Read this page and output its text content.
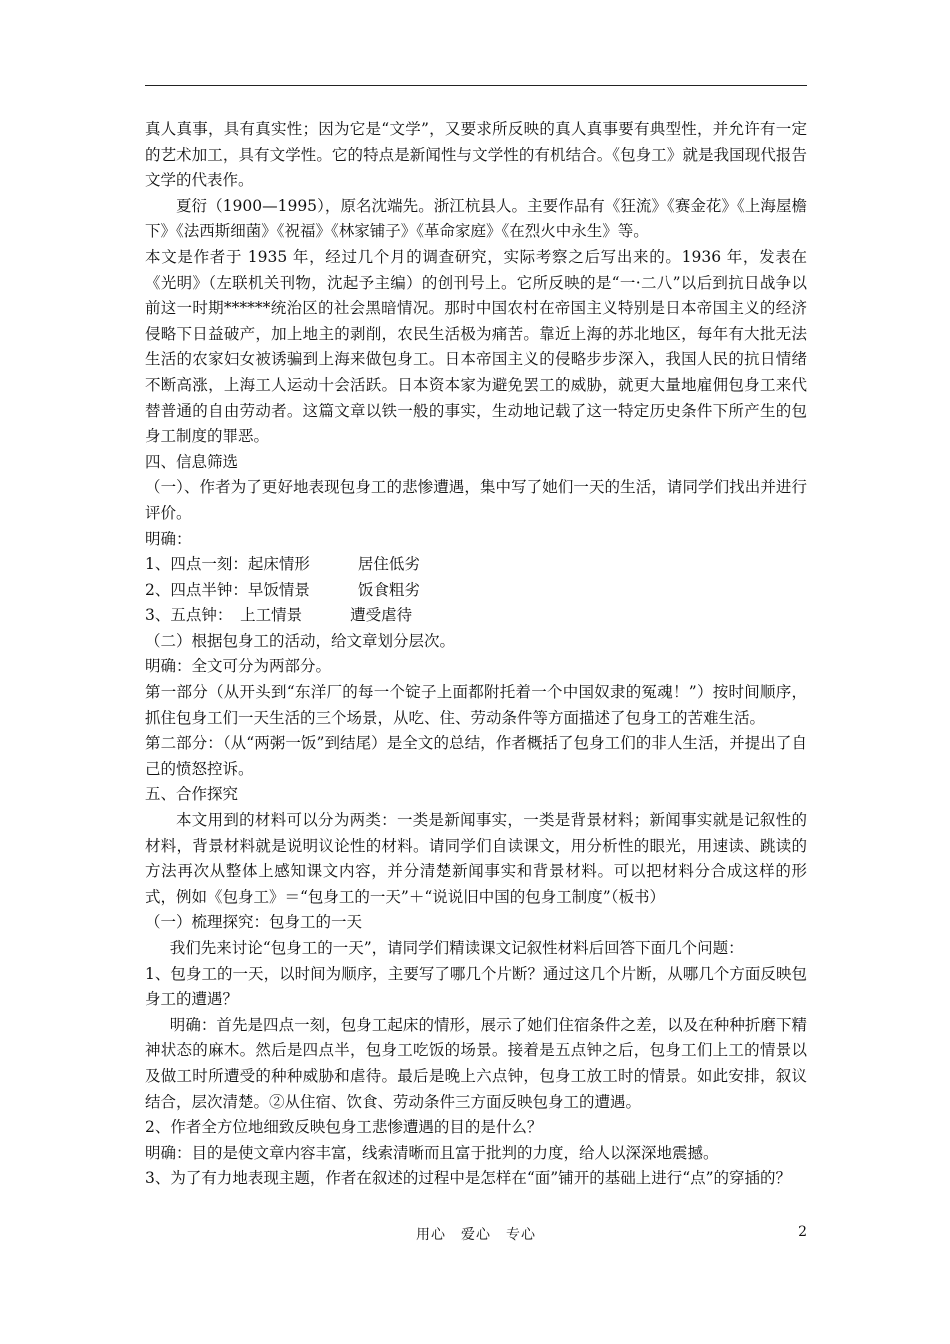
真人真事，具有真实性；因为它是“文学”，又要求所反映的真人真事要有典型性，并允许有一定的艺术加工，具有文学性。它的特点是新闻性与文学性的有机结合。《包身工》就是我国现代报告文学的代表作。

夏衍（1900—1995），原名沈端先。浙江杭县人。主要作品有《狂流》《赛金花》《上海屋檐下》《法西斯细菌》《祝福》《林家铺子》《革命家庭》《在烈火中永生》等。

本文是作者于 1935 年，经过几个月的调查研究，实际考察之后写出来的。1936 年，发表在《光明》（左联机关刊物，沈起予主编）的创刊号上。它所反映的是“一·二八”以后到抗日战争以前这一时期******统治区的社会黑暗情况。那时中国农村在帝国主义特别是日本帝国主义的经济侵略下日益破产，加上地主的剥削，农民生活极为痛苦。靠近上海的苏北地区，每年有大批无法生活的农家妇女被诱骗到上海来做包身工。日本帝国主义的侵略步步深入，我国人民的抗日情绪不断高涨，上海工人运动十会活跃。日本资本家为避免罢工的威胁，就更大量地雇佣包身工来代替普通的自由劳动者。这篇文章以铁一般的事实，生动地记载了这一特定历史条件下所产生的包身工制度的罪恶。

四、信息筛选

（一）、作者为了更好地表现包身工的悲惨遭遇，集中写了她们一天的生活，请同学们找出并进行评价。

明确：

1、四点一刻：起床情形	居住低劣

2、四点半钟：早饭情景	饭食粗劣

3、五点钟：　上工情景	遭受虐待

（二）根据包身工的活动，给文章划分层次。

明确：全文可分为两部分。

第一部分（从开头到“东洋厂的每一个锭子上面都附托着一个中国奴隶的冤魂！”）按时间顺序，抓住包身工们一天生活的三个场景，从吃、住、劳动条件等方面描述了包身工的苦难生活。

第二部分：（从“两粥一饭”到结尾）是全文的总结，作者概括了包身工们的非人生活，并提出了自己的愤怒控诉。

五、合作探究

本文用到的材料可以分为两类：一类是新闻事实，一类是背景材料；新闻事实就是记叙性的材料，背景材料就是说明议论性的材料。请同学们自读课文，用分析性的眼光，用速读、跳读的方法再次从整体上感知课文内容，并分清楚新闻事实和背景材料。可以把材料分合成这样的形式，例如《包身工》＝“包身工的一天”＋“说说旧中国的包身工制度”（板书）

（一）梳理探究：包身工的一天

我们先来讨论“包身工的一天”，请同学们精读课文记叙性材料后回答下面几个问题：

1、包身工的一天，以时间为顺序，主要写了哪几个片断？通过这几个片断，从哪几个方面反映包身工的遭遇？

明确：首先是四点一刻，包身工起床的情形，展示了她们住宿条件之差，以及在种种折磨下精神状态的麻木。然后是四点半，包身工吃饭的场景。接着是五点钟之后，包身工们上工的情景以及做工时所遭受的种种威胁和虐待。最后是晚上六点钟，包身工放工时的情景。如此安排，叙议结合，层次清楚。②从住宿、饮食、劳动条件三方面反映包身工的遭遇。

2、作者全方位地细致反映包身工悲惨遭遇的目的是什么？

明确：目的是使文章内容丰富，线索清晰而且富于批判的力度，给人以深深地震撼。

3、为了有力地表现主题，作者在叙述的过程中是怎样在“面”铺开的基础上进行“点”的穿插的？

用心　爱心　专心	2
